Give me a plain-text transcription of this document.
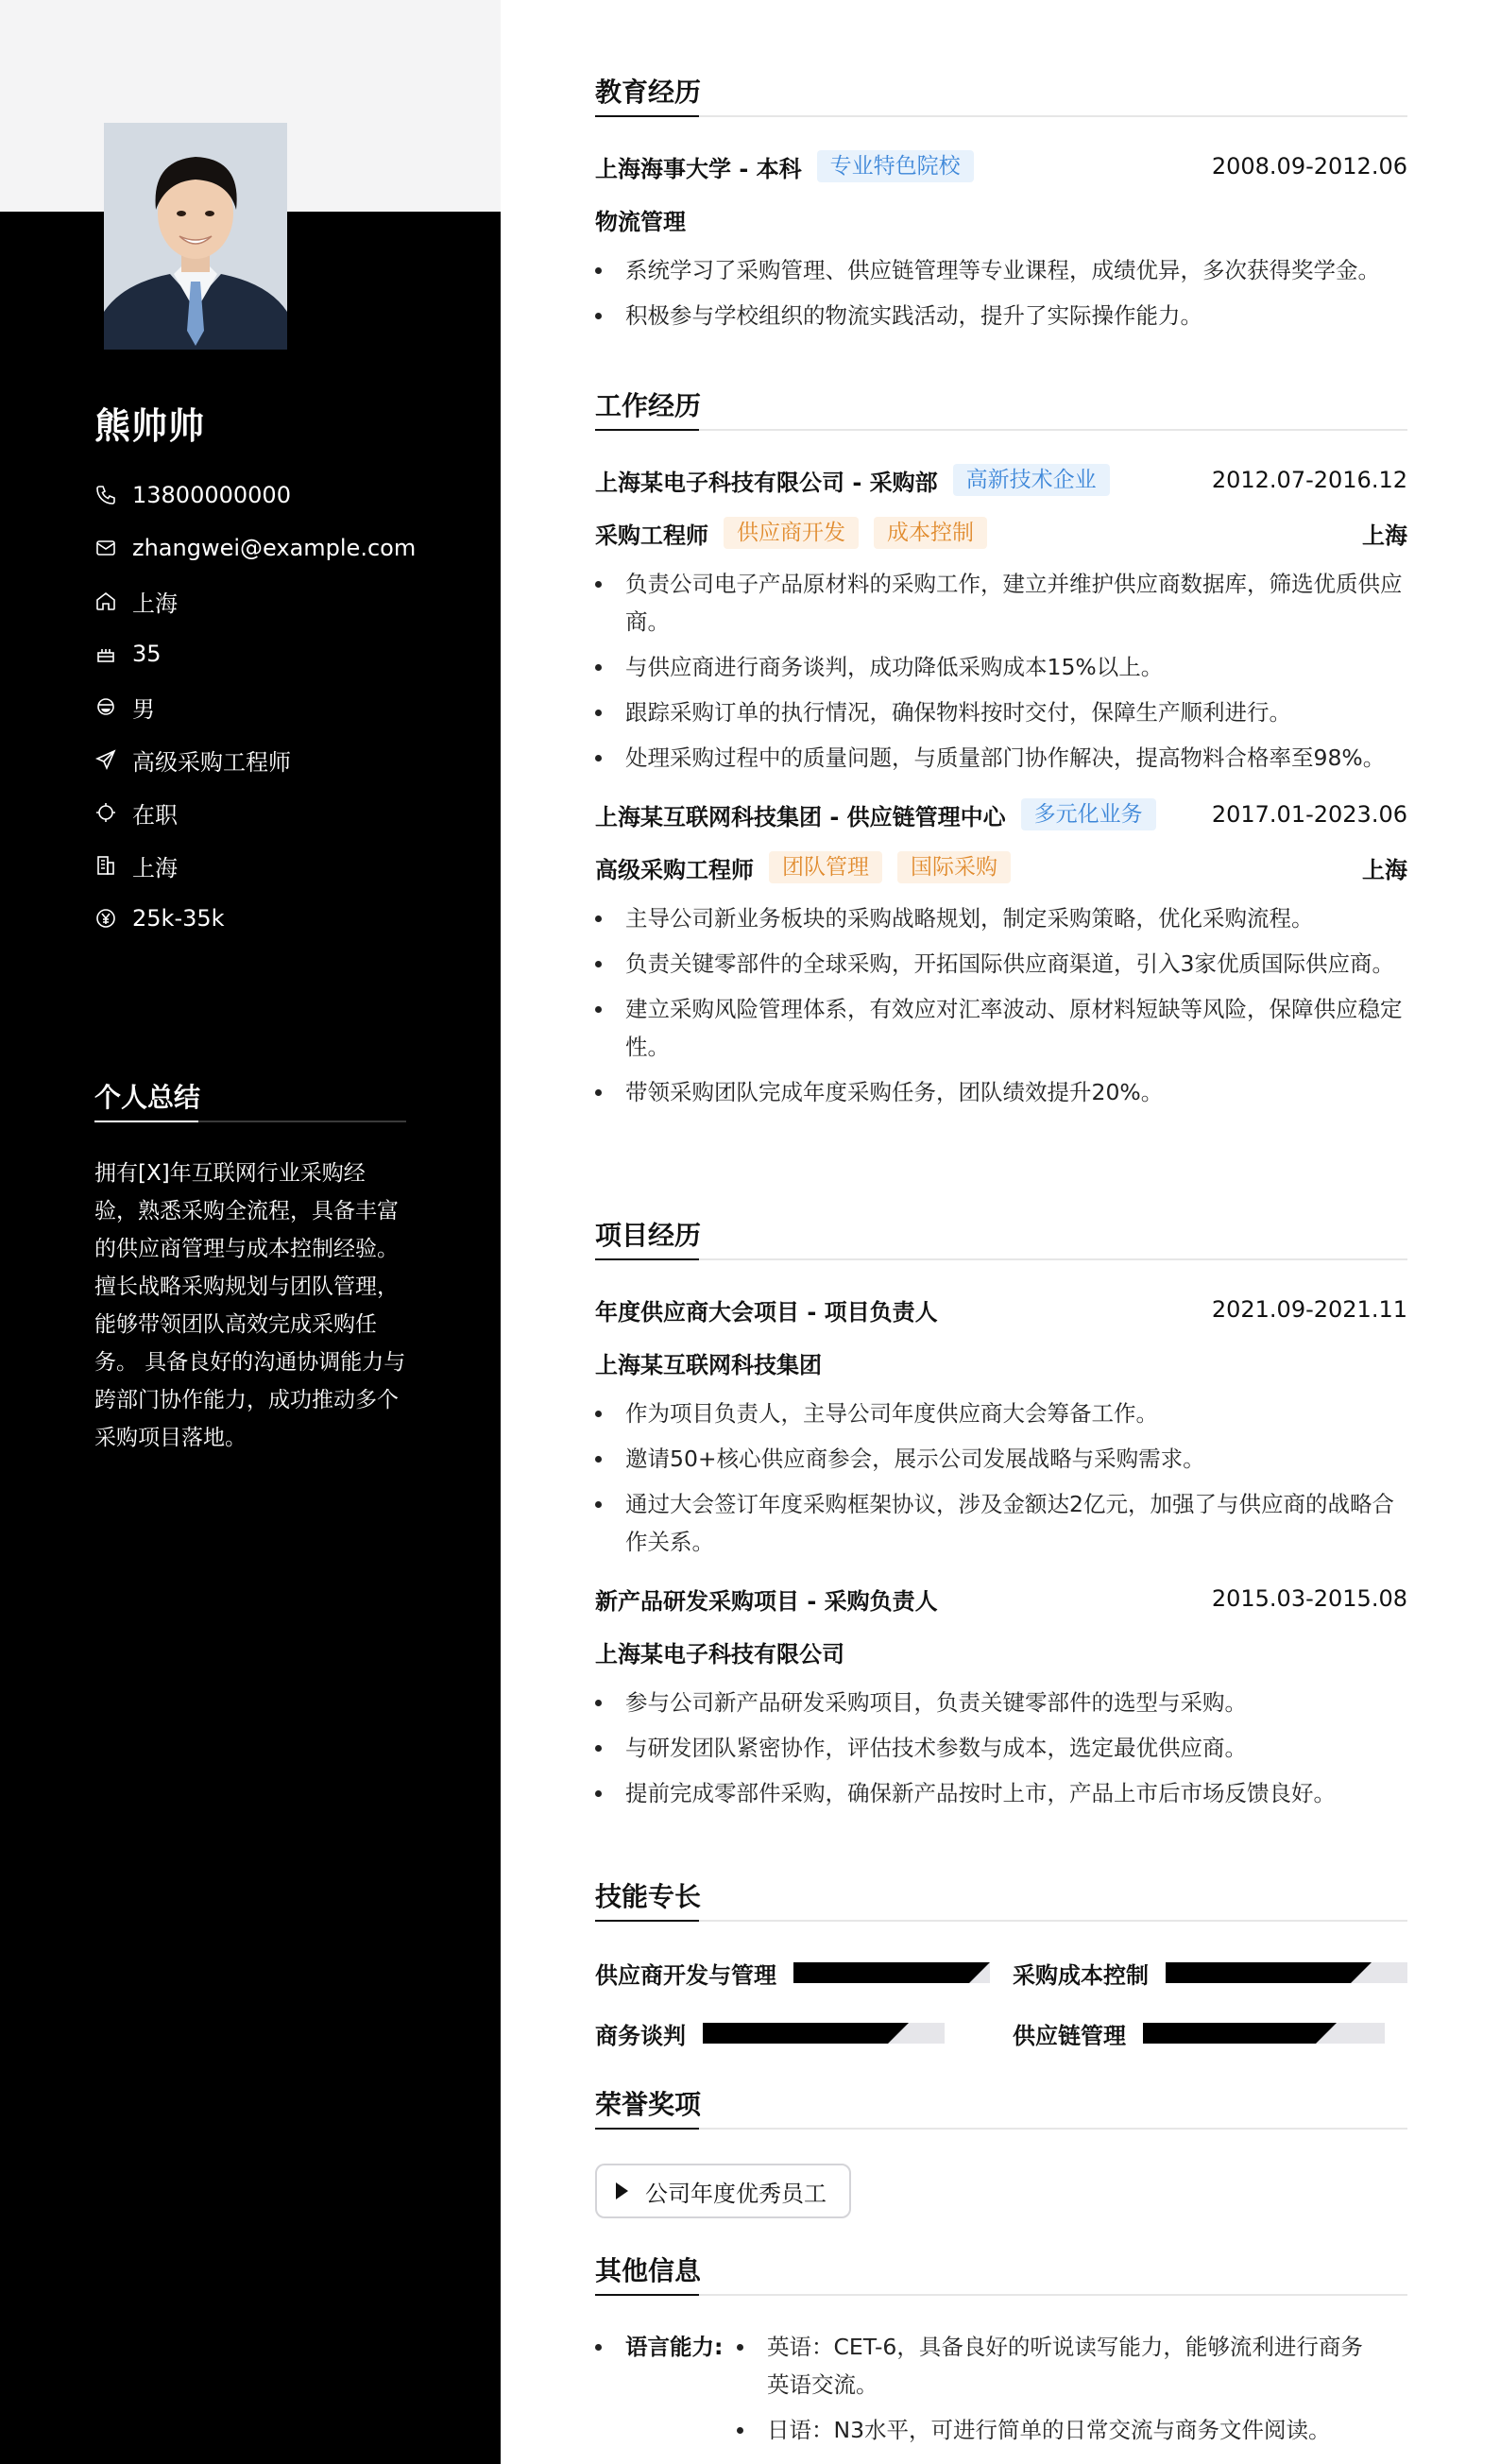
熊帅帅
13800000000
zhangwei@example.com
上海
35
男
高级采购工程师
在职
上海
25k-35k
个人总结
拥有[X]年互联网行业采购经验，熟悉采购全流程，具备丰富的供应商管理与成本控制经验。 擅长战略采购规划与团队管理，能够带领团队高效完成采购任务。 具备良好的沟通协调能力与跨部门协作能力，成功推动多个采购项目落地。
教育经历
上海海事大学 - 本科	专业特色院校	2008.09-2012.06
物流管理
系统学习了采购管理、供应链管理等专业课程，成绩优异，多次获得奖学金。
积极参与学校组织的物流实践活动，提升了实际操作能力。
工作经历
上海某电子科技有限公司 - 采购部	高新技术企业	2012.07-2016.12
采购工程师	供应商开发	成本控制	上海
负责公司电子产品原材料的采购工作，建立并维护供应商数据库，筛选优质供应商。
与供应商进行商务谈判，成功降低采购成本15%以上。
跟踪采购订单的执行情况，确保物料按时交付，保障生产顺利进行。
处理采购过程中的质量问题，与质量部门协作解决，提高物料合格率至98%。
上海某互联网科技集团 - 供应链管理中心	多元化业务	2017.01-2023.06
高级采购工程师	团队管理	国际采购	上海
主导公司新业务板块的采购战略规划，制定采购策略，优化采购流程。
负责关键零部件的全球采购，开拓国际供应商渠道，引入3家优质国际供应商。
建立采购风险管理体系，有效应对汇率波动、原材料短缺等风险，保障供应稳定性。
带领采购团队完成年度采购任务，团队绩效提升20%。
项目经历
年度供应商大会项目 - 项目负责人	2021.09-2021.11
上海某互联网科技集团
作为项目负责人，主导公司年度供应商大会筹备工作。
邀请50+核心供应商参会，展示公司发展战略与采购需求。
通过大会签订年度采购框架协议，涉及金额达2亿元，加强了与供应商的战略合作关系。
新产品研发采购项目 - 采购负责人	2015.03-2015.08
上海某电子科技有限公司
参与公司新产品研发采购项目，负责关键零部件的选型与采购。
与研发团队紧密协作，评估技术参数与成本，选定最优供应商。
提前完成零部件采购，确保新产品按时上市，产品上市后市场反馈良好。
技能专长
供应商开发与管理	采购成本控制
商务谈判	供应链管理
荣誉奖项
公司年度优秀员工
其他信息
语言能力:	英语：CET-6，具备良好的听说读写能力，能够流利进行商务英语交流。
日语：N3水平，可进行简单的日常交流与商务文件阅读。
